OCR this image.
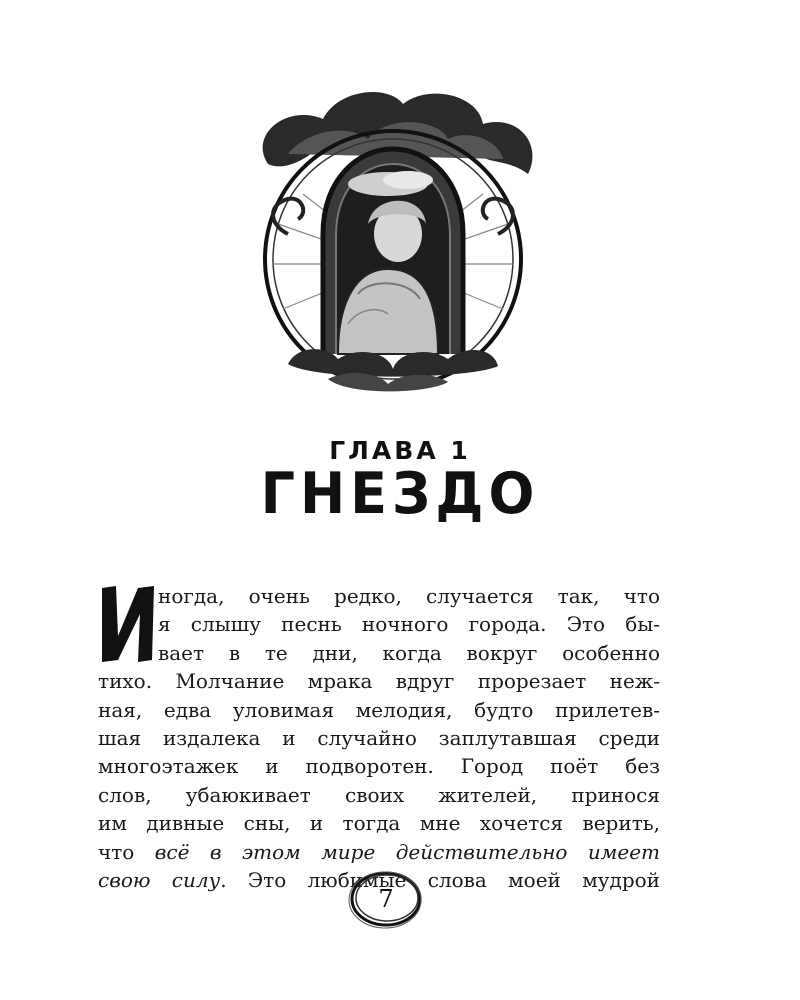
ГЛАВА 1
ГНЕЗДО
ногда, очень редко, случается так, что
я слышу песнь ночного города. Это бы-
вает в те дни, когда вокруг особенно
тихо. Молчание мрака вдруг прорезает неж-
ная, едва уловимая мелодия, будто прилетев-
шая издалека и случайно заплутавшая среди
многоэтажек и подворотен. Город поёт без
слов, убаюкивает своих жителей, принося
им дивные сны, и тогда мне хочется верить,
что всё в этом мире действительно имеет
свою силу. Это любимые слова моей мудрой
7
